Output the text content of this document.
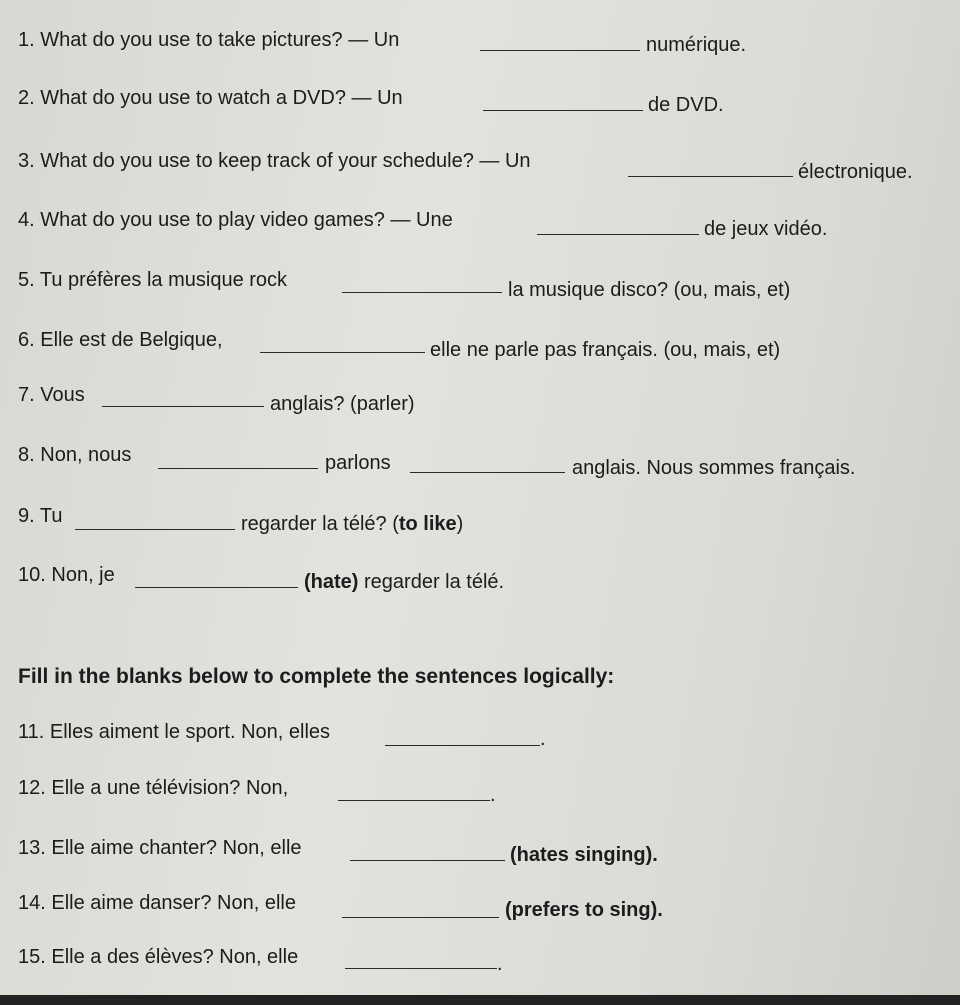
1. What do you use to take pictures? — Un	numérique.
2. What do you use to watch a DVD? — Un	de DVD.
3. What do you use to keep track of your schedule? — Un	électronique.
4. What do you use to play video games? — Une	de jeux vidéo.
5. Tu préfères la musique rock	la musique disco? (ou, mais, et)
6. Elle est de Belgique,	elle ne parle pas français. (ou, mais, et)
7. Vous	anglais? (parler)
8. Non, nous	parlons	anglais. Nous sommes français.
9. Tu	regarder la télé? (to like)
10. Non, je	(hate) regarder la télé.
Fill in the blanks below to complete the sentences logically:
11. Elles aiment le sport. Non, elles	.
12. Elle a une télévision? Non,	.
13. Elle aime chanter? Non, elle	(hates singing).
14. Elle aime danser? Non, elle	(prefers to sing).
15. Elle a des élèves? Non, elle	.
